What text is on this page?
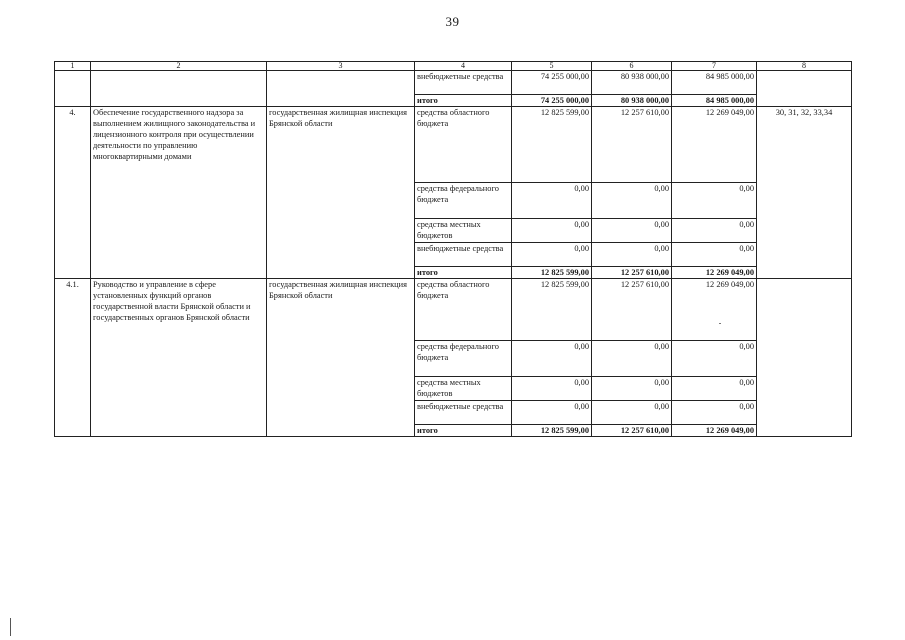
39
1	2	3	4	5	6	7	8
			внебюджетные средства	74 255 000,00	80 938 000,00	84 985 000,00	
			итого	74 255 000,00	80 938 000,00	84 985 000,00	
4.	Обеспечение государственного надзора за выполнением жилищного законодательства и лицензионного контроля при осуществлении деятельности по управлению многоквартирными домами	государственная жилищная инспекция Брянской области	средства областного бюджета	12 825 599,00	12 257 610,00	12 269 049,00	30, 31, 32, 33,34
			средства федерального бюджета	0,00	0,00	0,00	
			средства местных бюджетов	0,00	0,00	0,00	
			внебюджетные средства	0,00	0,00	0,00	
			итого	12 825 599,00	12 257 610,00	12 269 049,00	
4.1.	Руководство и управление в сфере установленных функций органов государственной власти Брянской области и государственных органов Брянской области	государственная жилищная инспекция Брянской области	средства областного бюджета	12 825 599,00	12 257 610,00	12 269 049,00	
			средства федерального бюджета	0,00	0,00	0,00	
			средства местных бюджетов	0,00	0,00	0,00	
			внебюджетные средства	0,00	0,00	0,00	
			итого	12 825 599,00	12 257 610,00	12 269 049,00	
